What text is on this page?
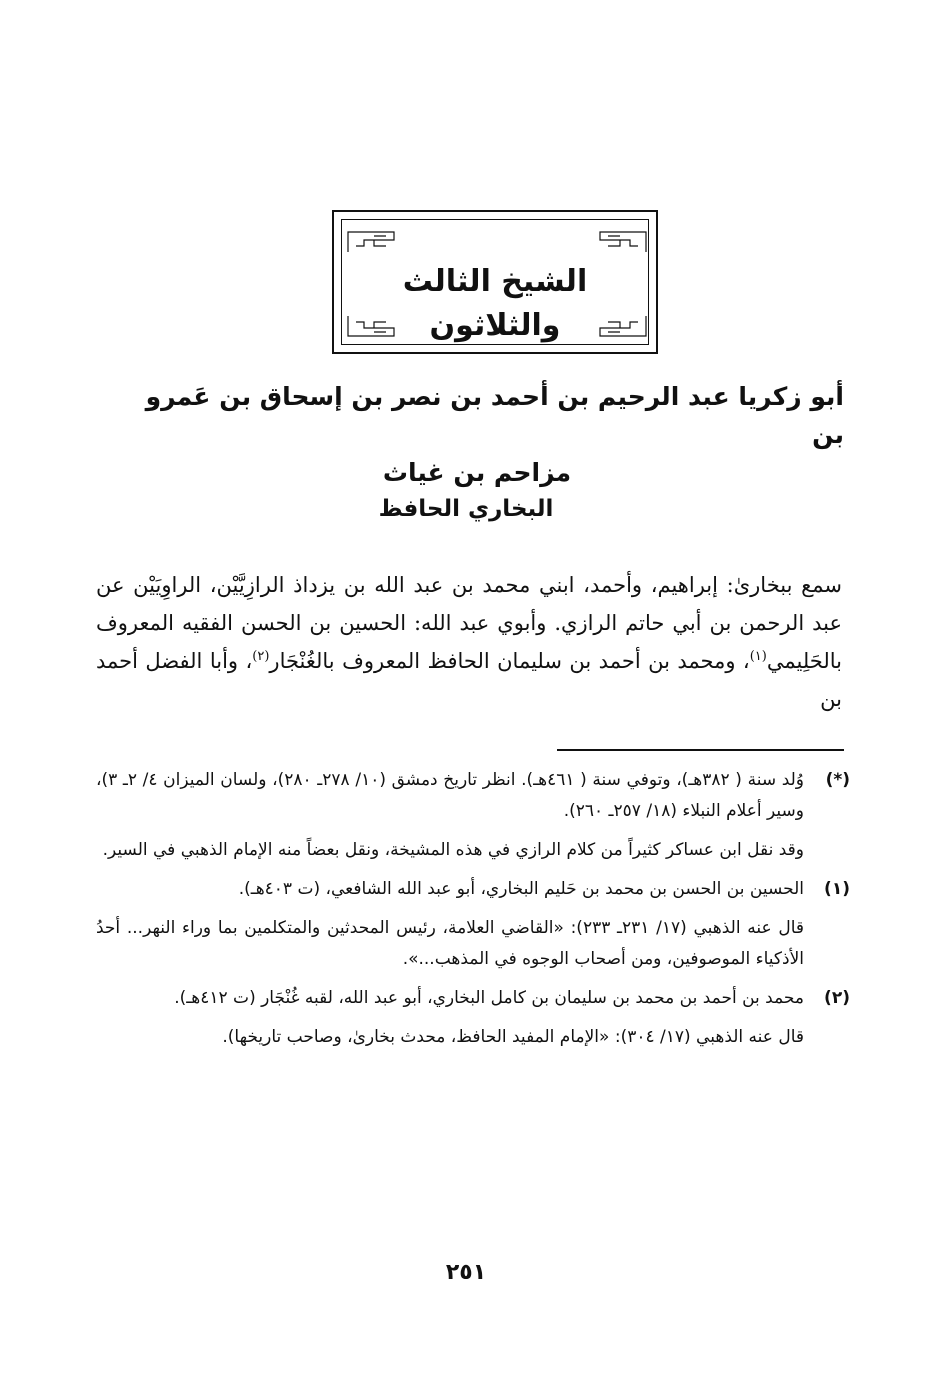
الشيخ الثالث والثلاثون
أبو زكريا عبد الرحيم بن أحمد بن نصر بن إسحاق بن عَمرو بن
مزاحم بن غياث
البخاري الحافظ
سمع ببخارىٰ: إبراهيم، وأحمد، ابني محمد بن عبد الله بن يزداذ الرازِيَّيْن، الراوِيَيْن عن عبد الرحمن بن أبي حاتم الرازي. وأبوي عبد الله: الحسين بن الحسن الفقيه المعروف بالحَلِيمي$^{(١)}$، ومحمد بن أحمد بن سليمان الحافظ المعروف بالغُنْجَار$^{(٢)}$، وأبا الفضل أحمد بن
(*)

وُلد سنة ( ٣٨٢هـ)، وتوفي سنة ( ٤٦١هـ). انظر تاريخ دمشق (١٠/ ٢٧٨ـ ٢٨٠)، ولسان الميزان ٤/ ٢ـ ٣)، وسير أعلام النبلاء (١٨/ ٢٥٧ـ ٢٦٠).

وقد نقل ابن عساكر كثيراً من كلام الرازي في هذه المشيخة، ونقل بعضاً منه الإمام الذهبي في السير.

(١)

الحسين بن الحسن بن محمد بن حَليم البخاري، أبو عبد الله الشافعي، (ت ٤٠٣هـ).

قال عنه الذهبي (١٧/ ٢٣١ـ ٢٣٣): «القاضي العلامة، رئيس المحدثين والمتكلمين بما وراء النهر... أحدُ الأذكياء الموصوفين، ومن أصحاب الوجوه في المذهب...».

(٢)

محمد بن أحمد بن محمد بن سليمان بن كامل البخاري، أبو عبد الله، لقبه غُنْجَار (ت ٤١٢هـ).

قال عنه الذهبي (١٧/ ٣٠٤): «الإمام المفيد الحافظ، محدث بخارىٰ، وصاحب تاريخها).

٢٥١
